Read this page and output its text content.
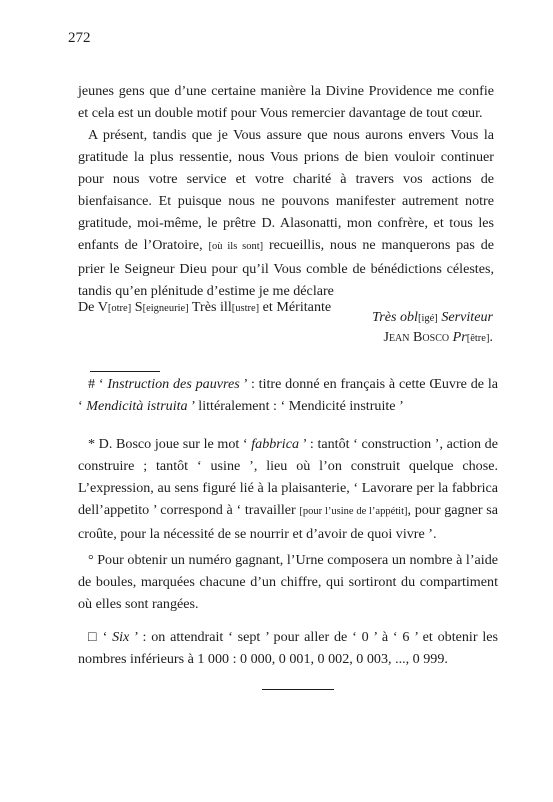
272

jeunes gens que d’une certaine manière la Divine Providence me confie et cela est un double motif pour Vous remercier davantage de tout cœur.

A présent, tandis que je Vous assure que nous aurons envers Vous la gratitude la plus ressentie, nous Vous prions de bien vouloir continuer pour nous votre service et votre charité à travers vos actions de bienfaisance. Et puisque nous ne pouvons manifester autrement notre gratitude, moi-même, le prêtre D. Alasonatti, mon confrère, et tous les enfants de l’Oratoire, [où ils sont] recueillis, nous ne manquerons pas de prier le Seigneur Dieu pour qu’il Vous comble de bénédictions célestes, tandis qu’en plénitude d’estime je me déclare

De V[otre] S[eigneurie] Très ill[ustre] et Méritante
Très obl[igé] Serviteur
Jean Bosco Pr[être].
# ‘ Instruction des pauvres ’ : titre donné en français à cette Œuvre de la ‘ Mendicità istruita ’ littéralement : ‘ Mendicité instruite ’
* D. Bosco joue sur le mot ‘ fabbrica ’ : tantôt ‘ construction ’, action de construire ; tantôt ‘ usine ’, lieu où l’on construit quelque chose. L’expression, au sens figuré lié à la plaisanterie, ‘ Lavorare per la fabbrica dell’appetito ’ correspond à ‘ travailler [pour l’usine de l’appétit], pour gagner sa croûte, pour la nécessité de se nourrir et d’avoir de quoi vivre ’.
° Pour obtenir un numéro gagnant, l’Urne composera un nombre à l’aide de boules, marquées chacune d’un chiffre, qui sortiront du compartiment où elles sont rangées.
□ ‘ Six ’ : on attendrait ‘ sept ’ pour aller de ‘ 0 ’ à ‘ 6 ’ et obtenir les nombres inférieurs à 1 000 : 0 000, 0 001, 0 002, 0 003, ..., 0 999.
